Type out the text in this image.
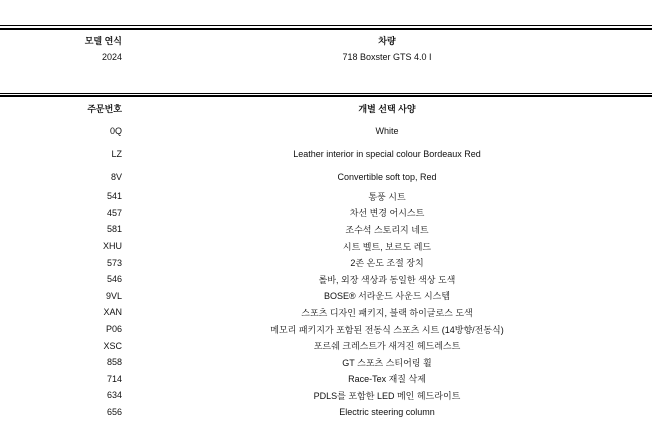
모델 연식	차량
2024	718 Boxster GTS 4.0 I
주문번호	개별 선택 사양
0Q	White
LZ	Leather interior in special colour Bordeaux Red
8V	Convertible soft top, Red
541	통풍 시트
457	차선 변경 어시스트
581	조수석 스토리지 네트
XHU	시트 벨트, 보르도 레드
573	2존 온도 조절 장치
546	롤바, 외장 색상과 동일한 색상 도색
9VL	BOSE® 서라운드 사운드 시스템
XAN	스포츠 디자인 패키지, 블랙 하이글로스 도색
P06	메모리 패키지가 포함된 전동식 스포츠 시트 (14방향/전동식)
XSC	포르쉐 크레스트가 새겨진 헤드레스트
858	GT 스포츠 스티어링 휠
714	Race-Tex 재질 삭제
634	PDLS를 포함한 LED 메인 헤드라이트
656	Electric steering column
